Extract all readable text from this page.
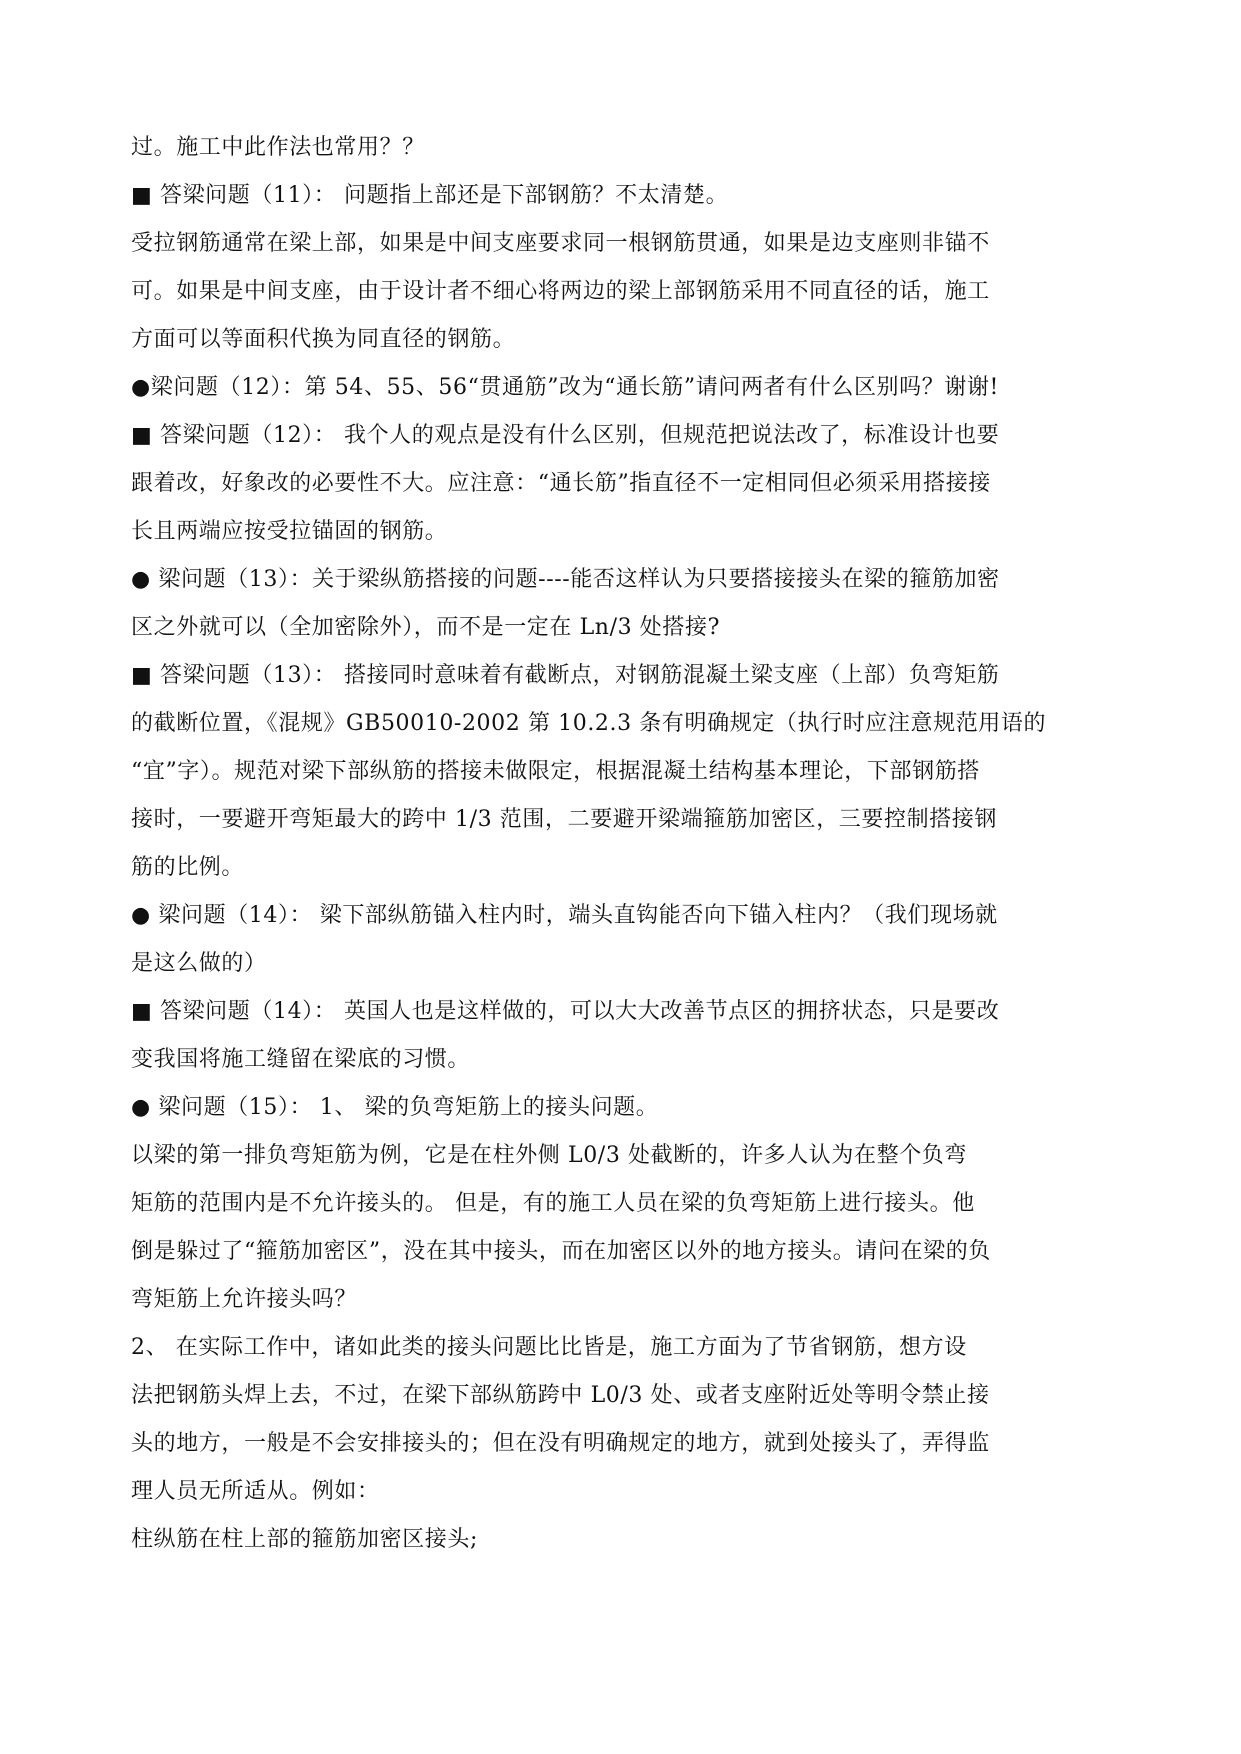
过。施工中此作法也常用？？
■ 答梁问题（11）： 问题指上部还是下部钢筋？不太清楚。
受拉钢筋通常在梁上部，如果是中间支座要求同一根钢筋贯通，如果是边支座则非锚不
可。如果是中间支座，由于设计者不细心将两边的梁上部钢筋采用不同直径的话，施工
方面可以等面积代换为同直径的钢筋。
●梁问题（12）：第 54、55、56“贯通筋”改为“通长筋”请问两者有什么区别吗？谢谢!
■ 答梁问题（12）： 我个人的观点是没有什么区别，但规范把说法改了，标准设计也要
跟着改，好象改的必要性不大。应注意：“通长筋”指直径不一定相同但必须采用搭接接
长且两端应按受拉锚固的钢筋。
● 梁问题（13）：关于梁纵筋搭接的问题----能否这样认为只要搭接接头在梁的箍筋加密
区之外就可以（全加密除外），而不是一定在 Ln/3 处搭接?
■ 答梁问题（13）： 搭接同时意味着有截断点，对钢筋混凝土梁支座（上部）负弯矩筋
的截断位置，《混规》GB50010-2002 第 10.2.3 条有明确规定（执行时应注意规范用语的
“宜”字）。规范对梁下部纵筋的搭接未做限定，根据混凝土结构基本理论，下部钢筋搭
接时，一要避开弯矩最大的跨中 1/3 范围，二要避开梁端箍筋加密区，三要控制搭接钢
筋的比例。
● 梁问题（14）： 梁下部纵筋锚入柱内时，端头直钩能否向下锚入柱内？（我们现场就
是这么做的）
■ 答梁问题（14）： 英国人也是这样做的，可以大大改善节点区的拥挤状态，只是要改
变我国将施工缝留在梁底的习惯。
● 梁问题（15）： 1、 梁的负弯矩筋上的接头问题。
以梁的第一排负弯矩筋为例，它是在柱外侧 L0/3 处截断的，许多人认为在整个负弯
矩筋的范围内是不允许接头的。 但是，有的施工人员在梁的负弯矩筋上进行接头。他
倒是躲过了“箍筋加密区”，没在其中接头，而在加密区以外的地方接头。请问在梁的负
弯矩筋上允许接头吗？
2、 在实际工作中，诸如此类的接头问题比比皆是，施工方面为了节省钢筋，想方设
法把钢筋头焊上去，不过，在梁下部纵筋跨中 L0/3 处、或者支座附近处等明令禁止接
头的地方，一般是不会安排接头的；但在没有明确规定的地方，就到处接头了，弄得监
理人员无所适从。例如：
柱纵筋在柱上部的箍筋加密区接头;
